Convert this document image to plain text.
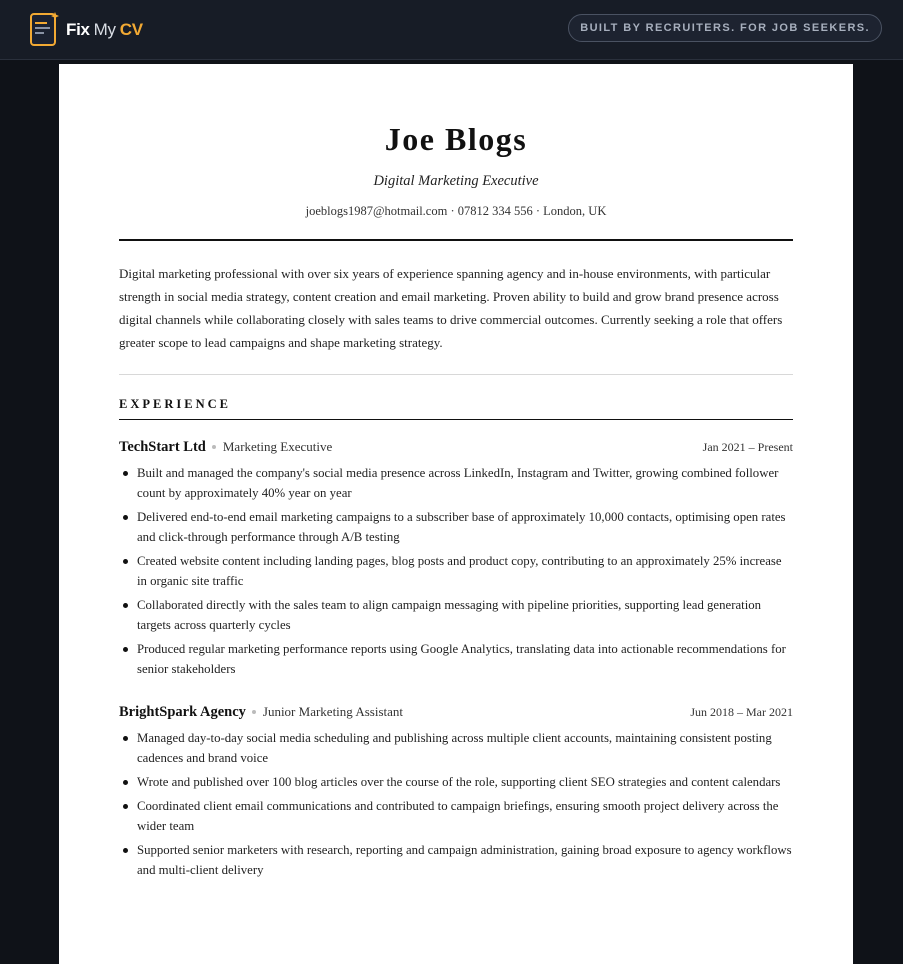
Fix My CV	BUILT BY RECRUITERS. FOR JOB SEEKERS.
Joe Blogs
Digital Marketing Executive
joeblogs1987@hotmail.com · 07812 334 556 · London, UK
Digital marketing professional with over six years of experience spanning agency and in-house environments, with particular strength in social media strategy, content creation and email marketing. Proven ability to build and grow brand presence across digital channels while collaborating closely with sales teams to drive commercial outcomes. Currently seeking a role that offers greater scope to lead campaigns and shape marketing strategy.
EXPERIENCE
TechStart Ltd Marketing Executive	Jan 2021 – Present
Built and managed the company's social media presence across LinkedIn, Instagram and Twitter, growing combined follower count by approximately 40% year on year
Delivered end-to-end email marketing campaigns to a subscriber base of approximately 10,000 contacts, optimising open rates and click-through performance through A/B testing
Created website content including landing pages, blog posts and product copy, contributing to an approximately 25% increase in organic site traffic
Collaborated directly with the sales team to align campaign messaging with pipeline priorities, supporting lead generation targets across quarterly cycles
Produced regular marketing performance reports using Google Analytics, translating data into actionable recommendations for senior stakeholders
BrightSpark Agency Junior Marketing Assistant	Jun 2018 – Mar 2021
Managed day-to-day social media scheduling and publishing across multiple client accounts, maintaining consistent posting cadences and brand voice
Wrote and published over 100 blog articles over the course of the role, supporting client SEO strategies and content calendars
Coordinated client email communications and contributed to campaign briefings, ensuring smooth project delivery across the wider team
Supported senior marketers with research, reporting and campaign administration, gaining broad exposure to agency workflows and multi-client delivery
